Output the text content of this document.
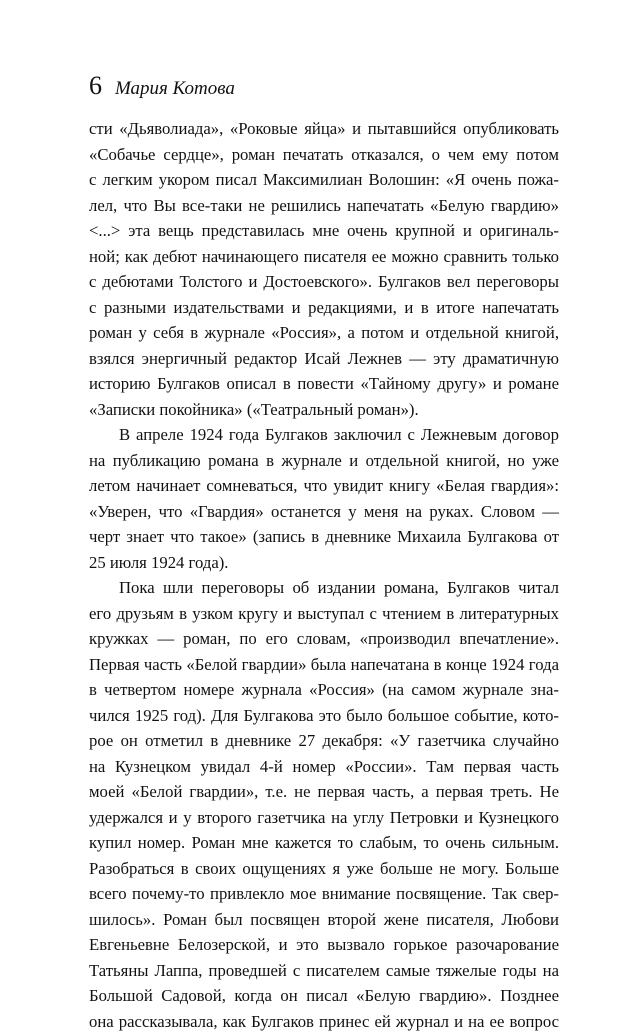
6 Мария Котова
сти «Дьяволиада», «Роковые яйца» и пытавшийся опубликовать
«Собачье сердце», роман печатать отказался, о чем ему потом
с легким укором писал Максимилиан Волошин: «Я очень пожа-
лел, что Вы все-таки не решились напечатать «Белую гвардию»
<...> эта вещь представилась мне очень крупной и оригиналь-
ной; как дебют начинающего писателя ее можно сравнить только
с дебютами Толстого и Достоевского». Булгаков вел переговоры
с разными издательствами и редакциями, и в итоге напечатать
роман у себя в журнале «Россия», а потом и отдельной книгой,
взялся энергичный редактор Исай Лежнев — эту драматичную
историю Булгаков описал в повести «Тайному другу» и романе
«Записки покойника» («Театральный роман»).
В апреле 1924 года Булгаков заключил с Лежневым договор
на публикацию романа в журнале и отдельной книгой, но уже
летом начинает сомневаться, что увидит книгу «Белая гвардия»:
«Уверен, что «Гвардия» останется у меня на руках. Словом —
черт знает что такое» (запись в дневнике Михаила Булгакова от
25 июля 1924 года).
Пока шли переговоры об издании романа, Булгаков читал
его друзьям в узком кругу и выступал с чтением в литературных
кружках — роман, по его словам, «производил впечатление».
Первая часть «Белой гвардии» была напечатана в конце 1924 года
в четвертом номере журнала «Россия» (на самом журнале зна-
чился 1925 год). Для Булгакова это было большое событие, кото-
рое он отметил в дневнике 27 декабря: «У газетчика случайно
на Кузнецком увидал 4-й номер «России». Там первая часть
моей «Белой гвардии», т.е. не первая часть, а первая треть. Не
удержался и у второго газетчика на углу Петровки и Кузнецкого
купил номер. Роман мне кажется то слабым, то очень сильным.
Разобраться в своих ощущениях я уже больше не могу. Больше
всего почему-то привлекло мое внимание посвящение. Так свер-
шилось». Роман был посвящен второй жене писателя, Любови
Евгеньевне Белозерской, и это вызвало горькое разочарование
Татьяны Лаппа, проведшей с писателем самые тяжелые годы на
Большой Садовой, когда он писал «Белую гвардию». Позднее
она рассказывала, как Булгаков принес ей журнал и на ее вопрос
